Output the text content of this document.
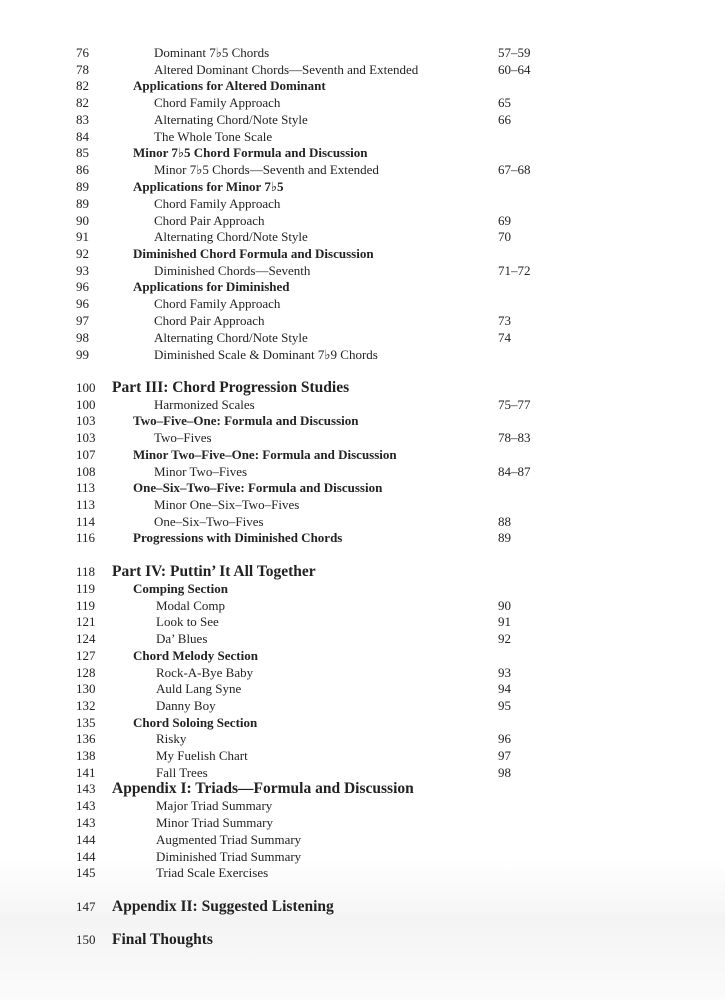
76	Dominant 7♭5 Chords	57–59
78	Altered Dominant Chords—Seventh and Extended	60–64
82	Applications for Altered Dominant
82	Chord Family Approach	65
83	Alternating Chord/Note Style	66
84	The Whole Tone Scale
85	Minor 7♭5 Chord Formula and Discussion
86	Minor 7♭5 Chords—Seventh and Extended	67–68
89	Applications for Minor 7♭5
89	Chord Family Approach
90	Chord Pair Approach	69
91	Alternating Chord/Note Style	70
92	Diminished Chord Formula and Discussion
93	Diminished Chords—Seventh	71–72
96	Applications for Diminished
96	Chord Family Approach
97	Chord Pair Approach	73
98	Alternating Chord/Note Style	74
99	Diminished Scale & Dominant 7♭9 Chords
100	Part III: Chord Progression Studies
100	Harmonized Scales	75–77
103	Two–Five–One: Formula and Discussion
103	Two–Fives	78–83
107	Minor Two–Five–One: Formula and Discussion
108	Minor Two–Fives	84–87
113	One–Six–Two–Five: Formula and Discussion
113	Minor One–Six–Two–Fives
114	One–Six–Two–Fives	88
116	Progressions with Diminished Chords	89
118	Part IV: Puttin’ It All Together
119	Comping Section
119	Modal Comp	90
121	Look to See	91
124	Da’ Blues	92
127	Chord Melody Section
128	Rock-A-Bye Baby	93
130	Auld Lang Syne	94
132	Danny Boy	95
135	Chord Soloing Section
136	Risky	96
138	My Fuelish Chart	97
141	Fall Trees	98
143	Appendix I: Triads—Formula and Discussion
143	Major Triad Summary
143	Minor Triad Summary
144	Augmented Triad Summary
144	Diminished Triad Summary
145	Triad Scale Exercises
147	Appendix II: Suggested Listening
150	Final Thoughts
